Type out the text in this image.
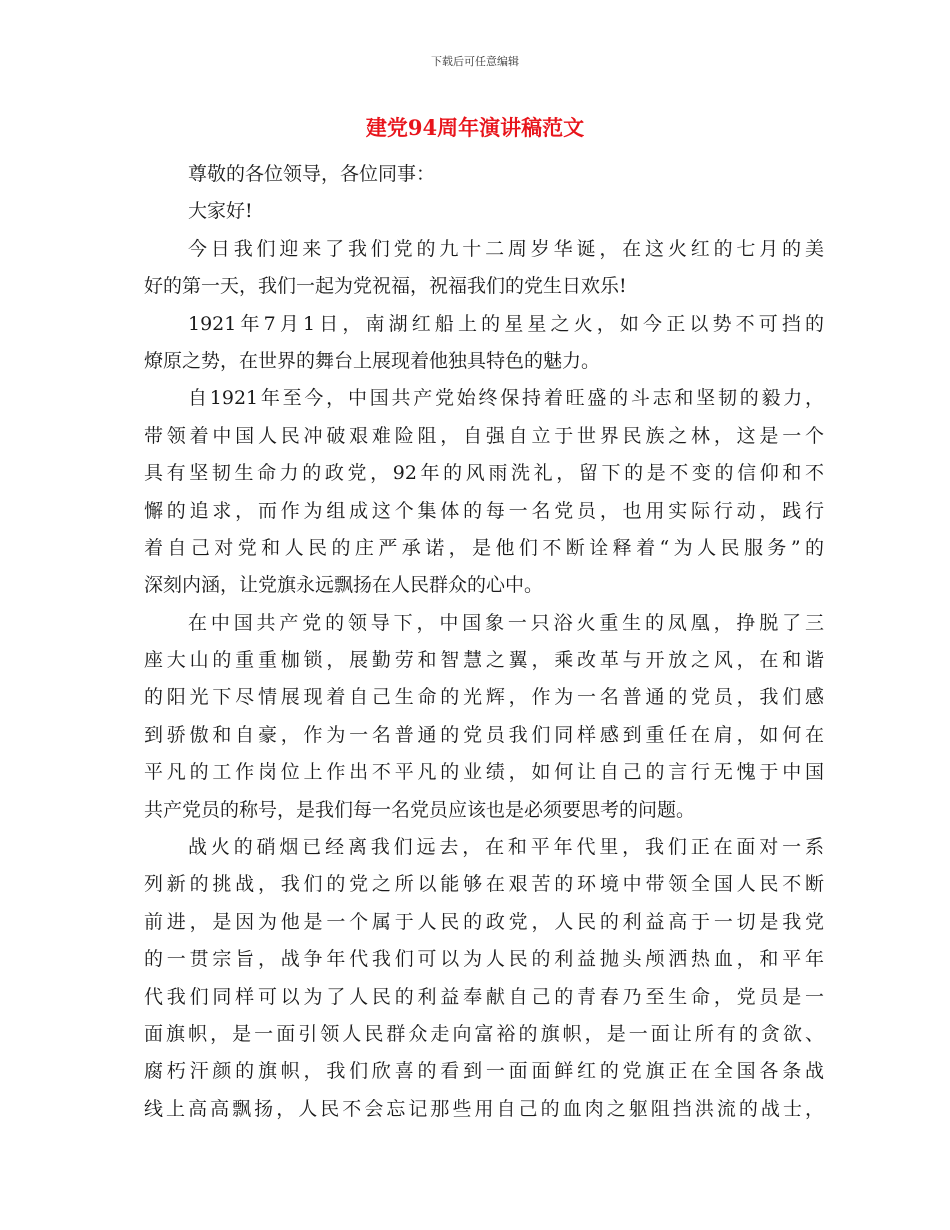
下载后可任意编辑
建党94周年演讲稿范文
尊敬的各位领导，各位同事：
大家好!
今日我们迎来了我们党的九十二周岁华诞，在这火红的七月的美
好的第一天，我们一起为党祝福，祝福我们的党生日欢乐!
1921年7月1日，南湖红船上的星星之火，如今正以势不可挡的
燎原之势，在世界的舞台上展现着他独具特色的魅力。
自1921年至今，中国共产党始终保持着旺盛的斗志和坚韧的毅力，
带领着中国人民冲破艰难险阻，自强自立于世界民族之林，这是一个
具有坚韧生命力的政党，92年的风雨洗礼，留下的是不变的信仰和不
懈的追求，而作为组成这个集体的每一名党员，也用实际行动，践行
着自己对党和人民的庄严承诺，是他们不断诠释着“为人民服务”的
深刻内涵，让党旗永远飘扬在人民群众的心中。
在中国共产党的领导下，中国象一只浴火重生的凤凰，挣脱了三
座大山的重重枷锁，展勤劳和智慧之翼，乘改革与开放之风，在和谐
的阳光下尽情展现着自己生命的光辉，作为一名普通的党员，我们感
到骄傲和自豪，作为一名普通的党员我们同样感到重任在肩，如何在
平凡的工作岗位上作出不平凡的业绩，如何让自己的言行无愧于中国
共产党员的称号，是我们每一名党员应该也是必须要思考的问题。
战火的硝烟已经离我们远去，在和平年代里，我们正在面对一系
列新的挑战，我们的党之所以能够在艰苦的环境中带领全国人民不断
前进，是因为他是一个属于人民的政党，人民的利益高于一切是我党
的一贯宗旨，战争年代我们可以为人民的利益抛头颅洒热血，和平年
代我们同样可以为了人民的利益奉献自己的青春乃至生命，党员是一
面旗帜，是一面引领人民群众走向富裕的旗帜，是一面让所有的贪欲、
腐朽汗颜的旗帜，我们欣喜的看到一面面鲜红的党旗正在全国各条战
线上高高飘扬，人民不会忘记那些用自己的血肉之躯阻挡洪流的战士，
